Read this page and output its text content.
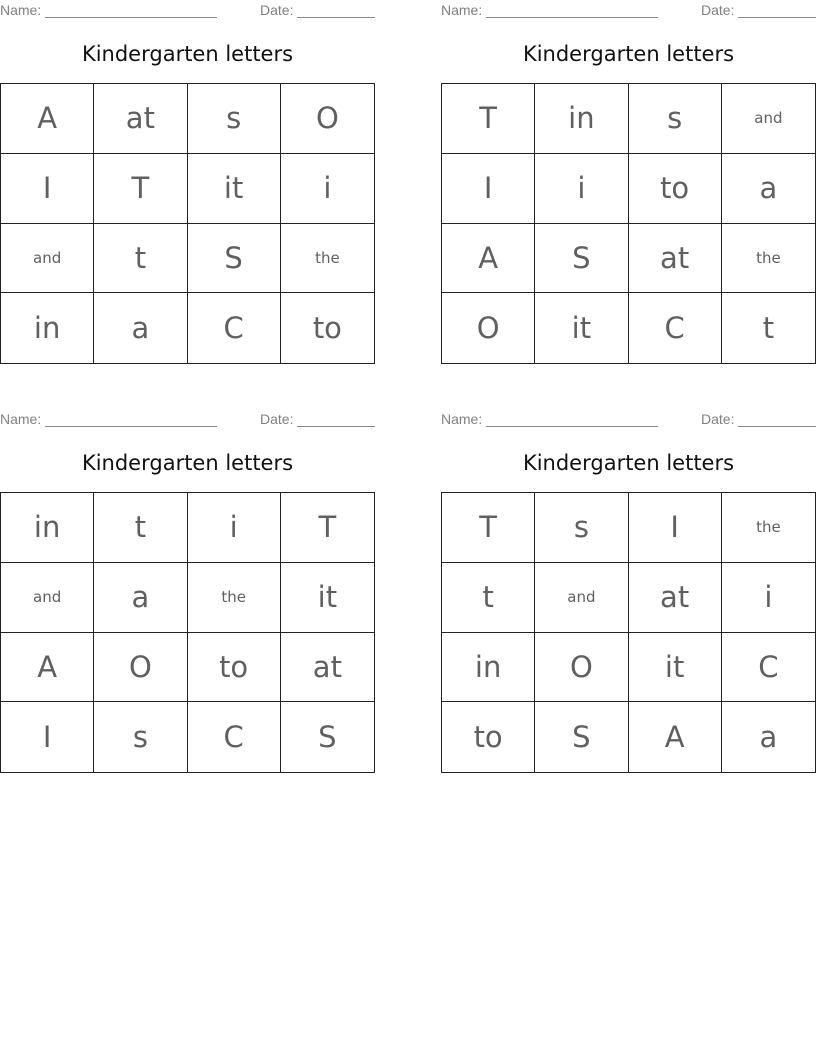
Name:	Date:
Kindergarten letters
A	at	s	O
I	T	it	i
and	t	S	the
in	a	C	to
Name:	Date:
Kindergarten letters
T	in	s	and
I	i	to	a
A	S	at	the
O	it	C	t
Name:	Date:
Kindergarten letters
in	t	i	T
and	a	the	it
A	O	to	at
I	s	C	S
Name:	Date:
Kindergarten letters
T	s	I	the
t	and	at	i
in	O	it	C
to	S	A	a
